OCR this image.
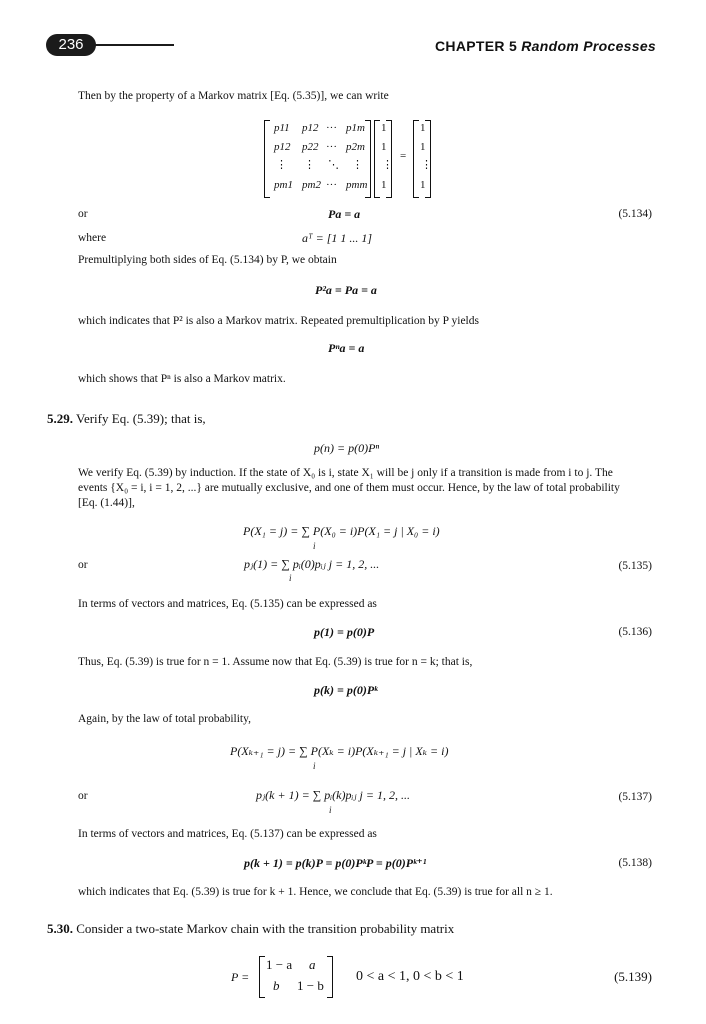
236	CHAPTER 5 Random Processes
Then by the property of a Markov matrix [Eq. (5.35)], we can write
p11 p12 ··· p1m
p12 p22 ··· p2m
⋮ ⋮ ⋱ ⋮
pm1 pm2 ··· pmm
1
1
⋮
1
=
1
1
⋮
1
or	Pa = a	(5.134)
where	aᵀ = [1 1 ... 1]
Premultiplying both sides of Eq. (5.134) by P, we obtain
P²a = Pa = a
which indicates that P² is also a Markov matrix. Repeated premultiplication by P yields
Pⁿa = a
which shows that Pⁿ is also a Markov matrix.
5.29. Verify Eq. (5.39); that is,
p(n) = p(0)Pⁿ
We verify Eq. (5.39) by induction. If the state of X₀ is i, state X₁ will be j only if a transition is made from i to j. The events {X₀ = i, i = 1, 2, ...} are mutually exclusive, and one of them must occur. Hence, by the law of total probability [Eq. (1.44)],
P(X₁ = j) = ∑ P(X₀ = i)P(X₁ = j | X₀ = i)
i
or	pⱼ(1) = ∑ pᵢ(0)pᵢⱼ j = 1, 2, ...
i
(5.135)
In terms of vectors and matrices, Eq. (5.135) can be expressed as
p(1) = p(0)P	(5.136)
Thus, Eq. (5.39) is true for n = 1. Assume now that Eq. (5.39) is true for n = k; that is,
p(k) = p(0)Pᵏ
Again, by the law of total probability,
P(Xₖ₊₁ = j) = ∑ P(Xₖ = i)P(Xₖ₊₁ = j | Xₖ = i)
i
or	pⱼ(k + 1) = ∑ pᵢ(k)pᵢⱼ j = 1, 2, ...
i
(5.137)
In terms of vectors and matrices, Eq. (5.137) can be expressed as
p(k + 1) = p(k)P = p(0)PᵏP = p(0)Pᵏ⁺¹	(5.138)
which indicates that Eq. (5.39) is true for k + 1. Hence, we conclude that Eq. (5.39) is true for all n ≥ 1.
5.30. Consider a two-state Markov chain with the transition probability matrix
P =
1 − a a
b 1 − b
0 < a < 1, 0 < b < 1	(5.139)
